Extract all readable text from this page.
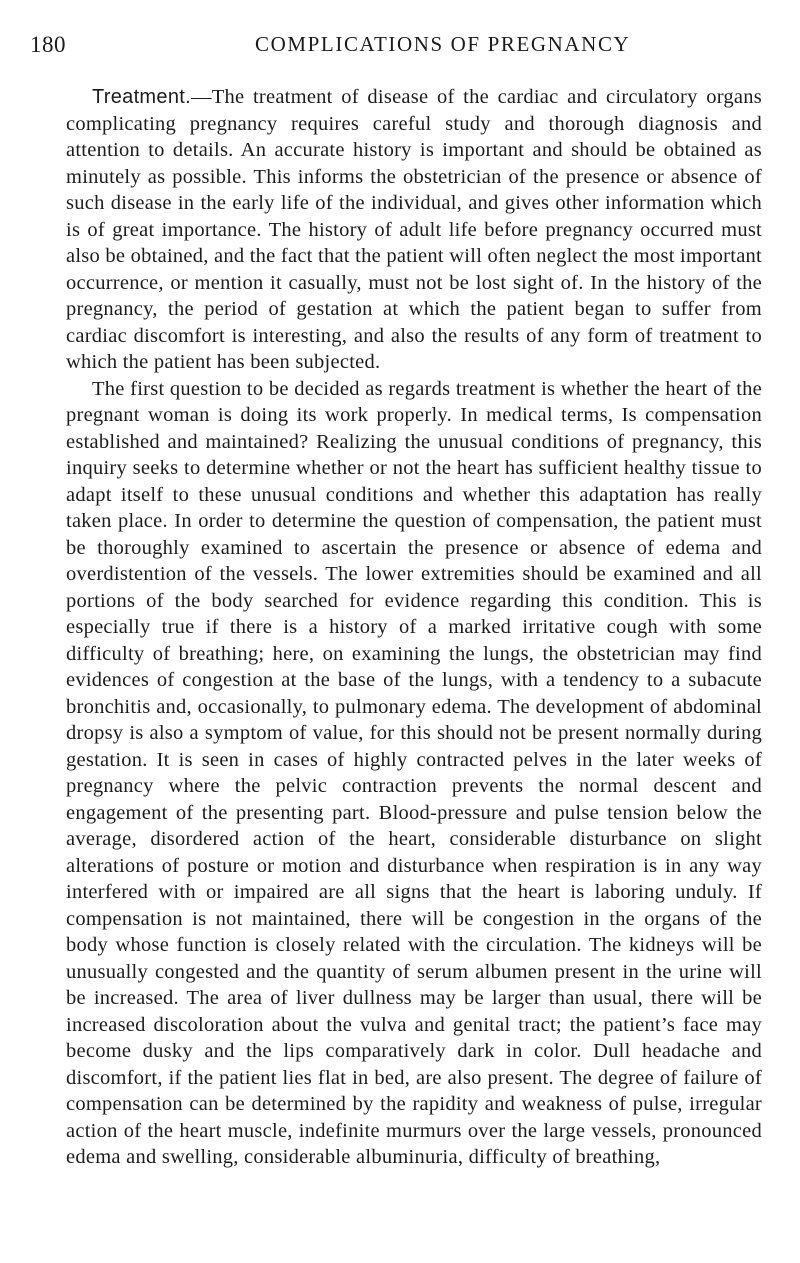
180	COMPLICATIONS OF PREGNANCY

Treatment.—The treatment of disease of the cardiac and circulatory organs complicating pregnancy requires careful study and thorough diagnosis and attention to details. An accurate history is important and should be obtained as minutely as possible. This informs the obstetrician of the presence or absence of such disease in the early life of the individual, and gives other information which is of great importance. The history of adult life before pregnancy occurred must also be obtained, and the fact that the patient will often neglect the most important occurrence, or mention it casually, must not be lost sight of. In the history of the pregnancy, the period of gestation at which the patient began to suffer from cardiac discomfort is interesting, and also the results of any form of treatment to which the patient has been subjected.

The first question to be decided as regards treatment is whether the heart of the pregnant woman is doing its work properly. In medical terms, Is compensation established and maintained? Realizing the unusual conditions of pregnancy, this inquiry seeks to determine whether or not the heart has sufficient healthy tissue to adapt itself to these unusual conditions and whether this adaptation has really taken place. In order to determine the question of compensation, the patient must be thoroughly examined to ascertain the presence or absence of edema and overdistention of the vessels. The lower extremities should be examined and all portions of the body searched for evidence regarding this condition. This is especially true if there is a history of a marked irritative cough with some difficulty of breathing; here, on examining the lungs, the obstetrician may find evidences of congestion at the base of the lungs, with a tendency to a subacute bronchitis and, occasionally, to pulmonary edema. The development of abdominal dropsy is also a symptom of value, for this should not be present normally during gestation. It is seen in cases of highly contracted pelves in the later weeks of pregnancy where the pelvic contraction prevents the normal descent and engagement of the presenting part. Blood-pressure and pulse tension below the average, disordered action of the heart, considerable disturbance on slight alterations of posture or motion and disturbance when respiration is in any way interfered with or impaired are all signs that the heart is laboring unduly. If compensation is not maintained, there will be congestion in the organs of the body whose function is closely related with the circulation. The kidneys will be unusually congested and the quantity of serum albumen present in the urine will be increased. The area of liver dullness may be larger than usual, there will be increased discoloration about the vulva and genital tract; the patient’s face may become dusky and the lips comparatively dark in color. Dull headache and discomfort, if the patient lies flat in bed, are also present. The degree of failure of compensation can be determined by the rapidity and weakness of pulse, irregular action of the heart muscle, indefinite murmurs over the large vessels, pronounced edema and swelling, considerable albuminuria, difficulty of breathing,
